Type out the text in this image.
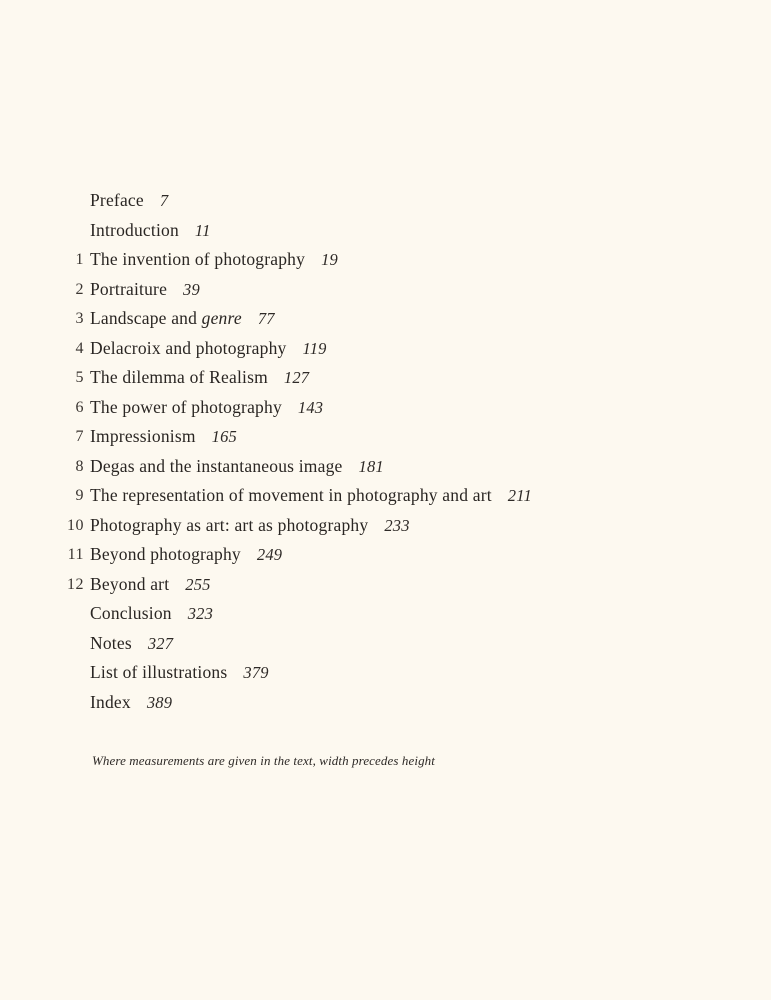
Preface 7
Introduction 11
1 The invention of photography 19
2 Portraiture 39
3 Landscape and genre 77
4 Delacroix and photography 119
5 The dilemma of Realism 127
6 The power of photography 143
7 Impressionism 165
8 Degas and the instantaneous image 181
9 The representation of movement in photography and art 211
10 Photography as art: art as photography 233
11 Beyond photography 249
12 Beyond art 255
Conclusion 323
Notes 327
List of illustrations 379
Index 389
Where measurements are given in the text, width precedes height
